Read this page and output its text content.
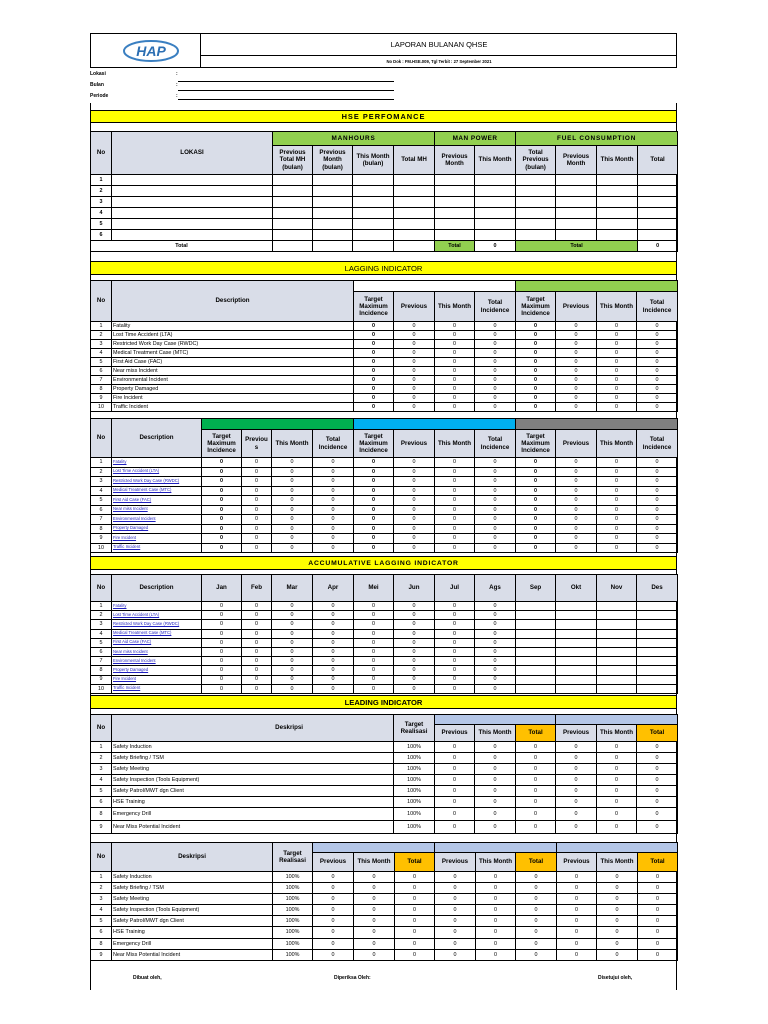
HAP	LAPORAN BULANAN QHSE
No Dok : FM.HSE.009, Tgl Terbit : 27 September 2021
Lokasi	:
Bulan	:
Periode	:
HSE PERFOMANCE
No	LOKASI	MANHOURS				MAN POWER		FUEL CONSUMPTION			
		Previous Total MH (bulan)	Previous Month (bulan)	This Month (bulan)	Total MH	Previous Month	This Month	Total Previous (bulan)	Previous Month	This Month	Total
1											
2											
3											
4											
5											
6											
Total						Total	0	Total			0
LAGGING INDICATOR
No	Description								
		Target Maximum Incidence	Previous	This Month	Total Incidence	Target Maximum Incidence	Previous	This Month	Total Incidence
1	Fatality	0	0	0	0	0	0	0	0
2	Lost Time Accident (LTA)	0	0	0	0	0	0	0	0
3	Restricted Work Day Case (RWDC)	0	0	0	0	0	0	0	0
4	Medical Treatment Case (MTC)	0	0	0	0	0	0	0	0
5	First Aid Case (FAC)	0	0	0	0	0	0	0	0
6	Near miss Incident	0	0	0	0	0	0	0	0
7	Environmental Incident	0	0	0	0	0	0	0	0
8	Property Damaged	0	0	0	0	0	0	0	0
9	Fire Incident	0	0	0	0	0	0	0	0
10	Traffic Incident	0	0	0	0	0	0	0	0
No	Description												
		Target Maximum Incidence	Previou s	This Month	Total Incidence	Target Maximum Incidence	Previous	This Month	Total Incidence	Target Maximum Incidence	Previous	This Month	Total Incidence
1	Fatality	0	0	0	0	0	0	0	0	0	0	0	0
2	Lost Time Accident (LTA)	0	0	0	0	0	0	0	0	0	0	0	0
3	Restricted Work Day Case (RWDC)	0	0	0	0	0	0	0	0	0	0	0	0
4	Medical Treatment Case (MTC)	0	0	0	0	0	0	0	0	0	0	0	0
5	First Aid Case (FAC)	0	0	0	0	0	0	0	0	0	0	0	0
6	Near miss Incident	0	0	0	0	0	0	0	0	0	0	0	0
7	Environmental Incident	0	0	0	0	0	0	0	0	0	0	0	0
8	Property Damaged	0	0	0	0	0	0	0	0	0	0	0	0
9	Fire Incident	0	0	0	0	0	0	0	0	0	0	0	0
10	Traffic Incident	0	0	0	0	0	0	0	0	0	0	0	0
ACCUMULATIVE LAGGING INDICATOR
No	Description	Jan	Feb	Mar	Apr	Mei	Jun	Jul	Ags	Sep	Okt	Nov	Des
1	Fatality	0	0	0	0	0	0	0	0				
2	Lost Time Accident (LTA)	0	0	0	0	0	0	0	0				
3	Restricted Work Day Case (RWDC)	0	0	0	0	0	0	0	0				
4	Medical Treatment Case (MTC)	0	0	0	0	0	0	0	0				
5	First Aid Case (FAC)	0	0	0	0	0	0	0	0				
6	Near miss Incident	0	0	0	0	0	0	0	0				
7	Environmental Incident	0	0	0	0	0	0	0	0				
8	Property Damaged	0	0	0	0	0	0	0	0				
9	Fire Incident	0	0	0	0	0	0	0	0				
10	Traffic Incident	0	0	0	0	0	0	0	0				
LEADING INDICATOR
No	Deskripsi	Target Realisasi						
			Previous	This Month	Total	Previous	This Month	Total
1	Safety Induction	100%	0	0	0	0	0	0
2	Safety Briefing / TSM	100%	0	0	0	0	0	0
3	Safety Meeting	100%	0	0	0	0	0	0
4	Safety Inspection (Tools Equipment)	100%	0	0	0	0	0	0
5	Safety Patrol/MWT dgn Client	100%	0	0	0	0	0	0
6	HSE Training	100%	0	0	0	0	0	0
8	Emergency Drill	100%	0	0	0	0	0	0
9	Near Miss Potential Incident	100%	0	0	0	0	0	0
No	Deskripsi	Target Realisasi									
			Previous	This Month	Total	Previous	This Month	Total	Previous	This Month	Total
1	Safety Induction	100%	0	0	0	0	0	0	0	0	0
2	Safety Briefing / TSM	100%	0	0	0	0	0	0	0	0	0
3	Safety Meeting	100%	0	0	0	0	0	0	0	0	0
4	Safety Inspection (Tools Equipment)	100%	0	0	0	0	0	0	0	0	0
5	Safety Patrol/MWT dgn Client	100%	0	0	0	0	0	0	0	0	0
6	HSE Training	100%	0	0	0	0	0	0	0	0	0
8	Emergency Drill	100%	0	0	0	0	0	0	0	0	0
9	Near Miss Potential Incident	100%	0	0	0	0	0	0	0	0	0
Dibuat oleh,	Diperiksa Oleh:	Disetujui oleh,
